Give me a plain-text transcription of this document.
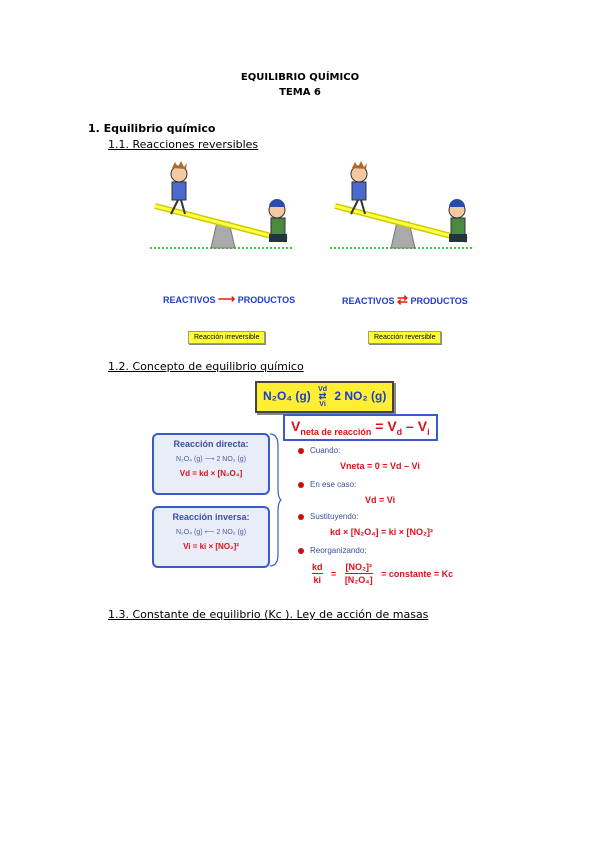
EQUILIBRIO QUÍMICO
TEMA 6
1. Equilibrio químico
1.1. Reacciones reversibles
REACTIVOS ⟶ PRODUCTOS	REACTIVOS ⇄ PRODUCTOS
Reacción irreversible	Reacción reversible
1.2. Concepto de equilibrio químico
N₂O₄ (g) Vd
⇄
Vi 2 NO₂ (g)
$V_{neta de reacción} = V_d - V_i$
Reacción directa:
N₂O₄ (g) ⟶ 2 NO₂ (g)
Vd = kd × [N₂O₄]
Reacción inversa:
N₂O₄ (g) ⟵ 2 NO₂ (g)
Vi = ki × [NO₂]²
Cuando:
Vneta = 0 = Vd – Vi
En ese caso:
Vd = Vi
Sustituyendo:
kd × [N₂O₄] = ki × [NO₂]²
Reorganizando:
$\frac{kd}{ki} = \frac{\text{[NO₂]²}}{\text{[N₂O₄]}}$ = constante = Kc
1.3. Constante de equilibrio (Kc ). Ley de acción de masas
